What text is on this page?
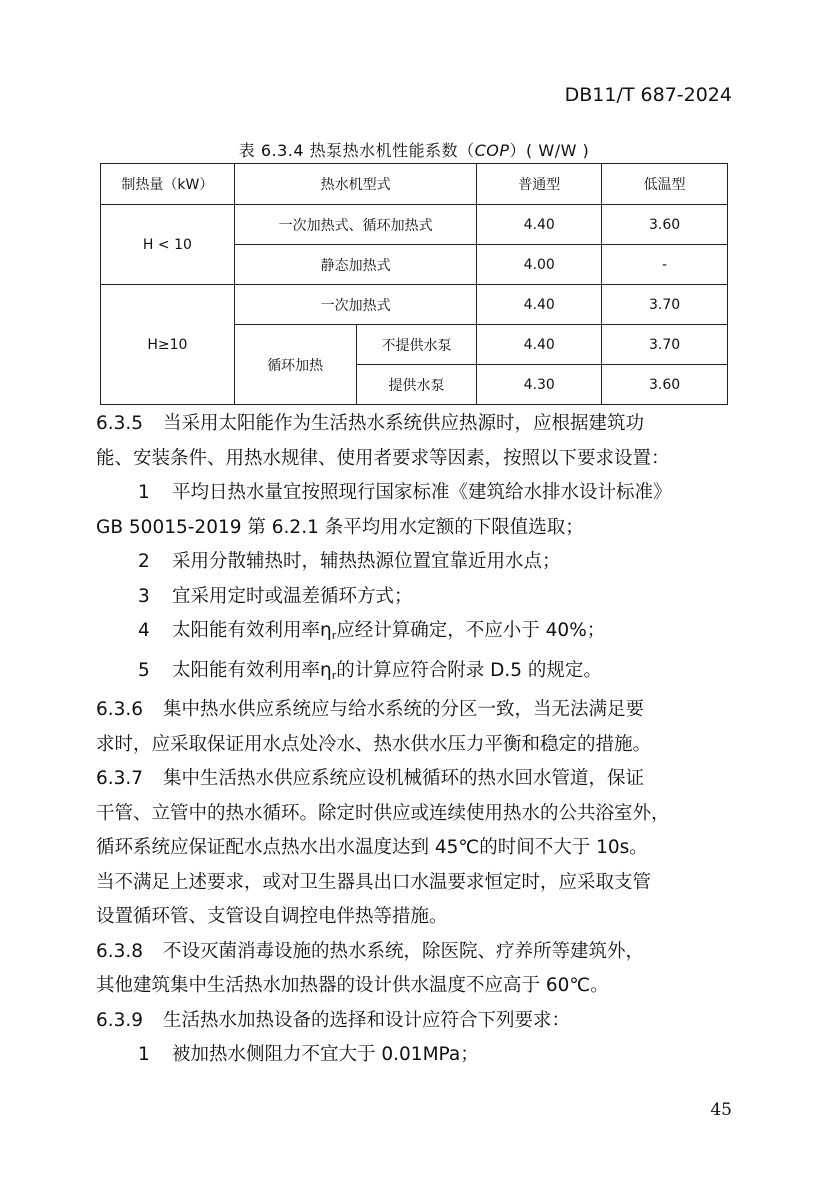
DB11/T 687-2024
表 6.3.4 热泵热水机性能系数（COP）( W/W )
制热量（kW）	热水机型式		普通型	低温型
H < 10	一次加热式、循环加热式		4.40	3.60
	静态加热式		4.00	-
H≥10	一次加热式		4.40	3.70
	循环加热	不提供水泵	4.40	3.70
		提供水泵	4.30	3.60
6.3.5 当采用太阳能作为生活热水系统供应热源时，应根据建筑功
能、安装条件、用热水规律、使用者要求等因素，按照以下要求设置：
1 平均日热水量宜按照现行国家标准《建筑给水排水设计标准》
GB 50015-2019 第 6.2.1 条平均用水定额的下限值选取；
2 采用分散辅热时，辅热热源位置宜靠近用水点；
3 宜采用定时或温差循环方式；
4 太阳能有效利用率$\eta_r$应经计算确定，不应小于 40%；
5 太阳能有效利用率$\eta_r$的计算应符合附录 D.5 的规定。
6.3.6 集中热水供应系统应与给水系统的分区一致，当无法满足要
求时，应采取保证用水点处冷水、热水供水压力平衡和稳定的措施。
6.3.7 集中生活热水供应系统应设机械循环的热水回水管道，保证
干管、立管中的热水循环。除定时供应或连续使用热水的公共浴室外，
循环系统应保证配水点热水出水温度达到 45℃的时间不大于 10s。
当不满足上述要求，或对卫生器具出口水温要求恒定时，应采取支管
设置循环管、支管设自调控电伴热等措施。
6.3.8 不设灭菌消毒设施的热水系统，除医院、疗养所等建筑外，
其他建筑集中生活热水加热器的设计供水温度不应高于 60℃。
6.3.9 生活热水加热设备的选择和设计应符合下列要求：
1 被加热水侧阻力不宜大于 0.01MPa；
45
